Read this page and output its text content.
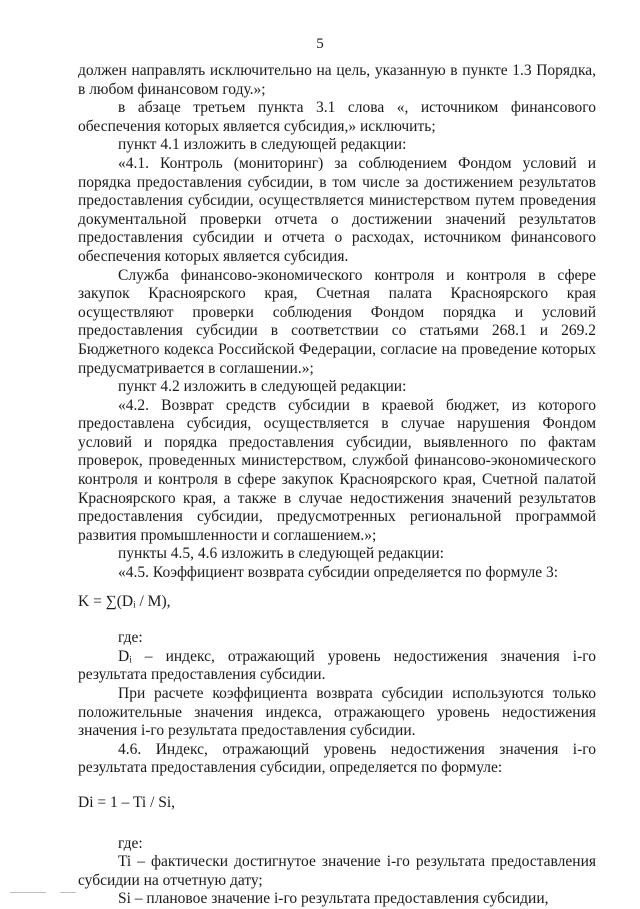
5

должен направлять исключительно на цель, указанную в пункте 1.3 Порядка, в любом финансовом году.»;

в абзаце третьем пункта 3.1 слова «, источником финансового обеспечения которых является субсидия,» исключить;

пункт 4.1 изложить в следующей редакции:

«4.1. Контроль (мониторинг) за соблюдением Фондом условий и порядка предоставления субсидии, в том числе за достижением результатов предоставления субсидии, осуществляется министерством путем проведения документальной проверки отчета о достижении значений результатов предоставления субсидии и отчета о расходах, источником финансового обеспечения которых является субсидия.

Служба финансово-экономического контроля и контроля в сфере закупок Красноярского края, Счетная палата Красноярского края осуществляют проверки соблюдения Фондом порядка и условий предоставления субсидии в соответствии со статьями 268.1 и 269.2 Бюджетного кодекса Российской Федерации, согласие на проведение которых предусматривается в соглашении.»;

пункт 4.2 изложить в следующей редакции:

«4.2. Возврат средств субсидии в краевой бюджет, из которого предоставлена субсидия, осуществляется в случае нарушения Фондом условий и порядка предоставления субсидии, выявленного по фактам проверок, проведенных министерством, службой финансово-экономического контроля и контроля в сфере закупок Красноярского края, Счетной палатой Красноярского края, а также в случае недостижения значений результатов предоставления субсидии, предусмотренных региональной программой развития промышленности и соглашением.»;

пункты 4.5, 4.6 изложить в следующей редакции:

«4.5. Коэффициент возврата субсидии определяется по формуле 3:

K = ∑(Dᵢ / M),

где:

Dᵢ – индекс, отражающий уровень недостижения значения i-го результата предоставления субсидии.

При расчете коэффициента возврата субсидии используются только положительные значения индекса, отражающего уровень недостижения значения i-го результата предоставления субсидии.

4.6. Индекс, отражающий уровень недостижения значения i-го результата предоставления субсидии, определяется по формуле:

Di = 1 – Ti / Si,

где:

Ti – фактически достигнутое значение i-го результата предоставления субсидии на отчетную дату;

Si – плановое значение i-го результата предоставления субсидии,
